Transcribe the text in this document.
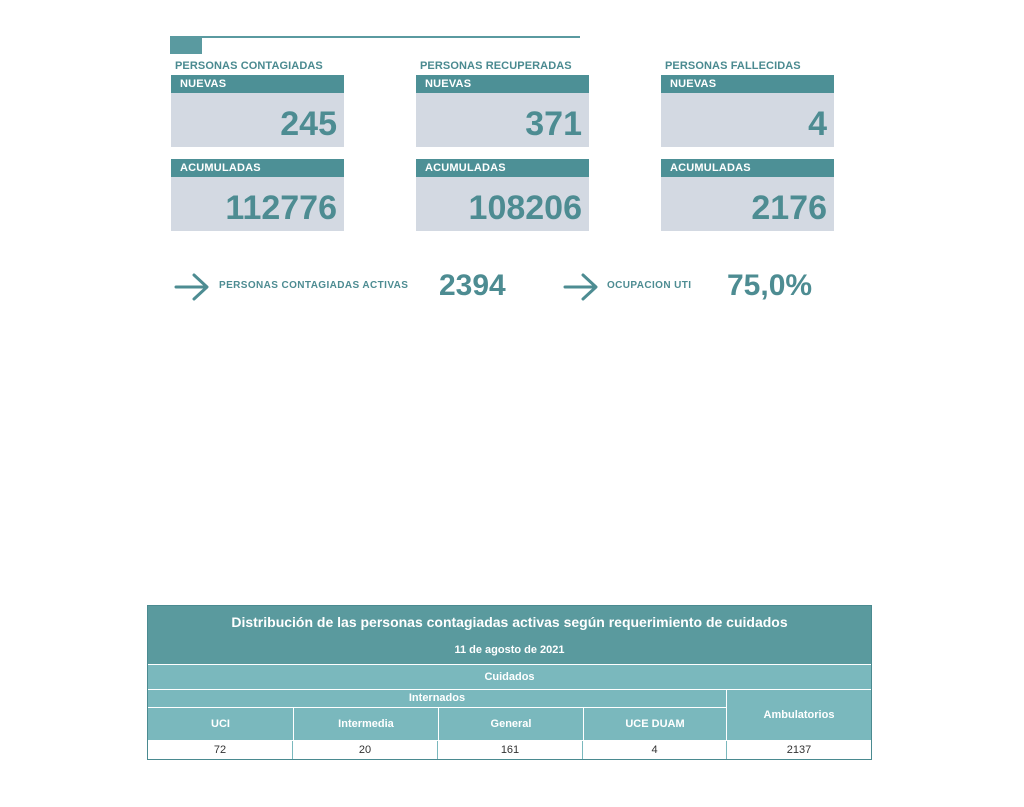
PERSONAS CONTAGIADAS
NUEVAS
245
ACUMULADAS
112776
PERSONAS RECUPERADAS
NUEVAS
371
ACUMULADAS
108206
PERSONAS FALLECIDAS
NUEVAS
4
ACUMULADAS
2176
PERSONAS CONTAGIADAS ACTIVAS 2394	OCUPACION UTI 75,0%
Distribución de las personas contagiadas activas según requerimiento de cuidados
11 de agosto de 2021
Cuidados
Internados
UCI	Intermedia	General	UCE DUAM
Ambulatorios
72	20	161	4	2137
